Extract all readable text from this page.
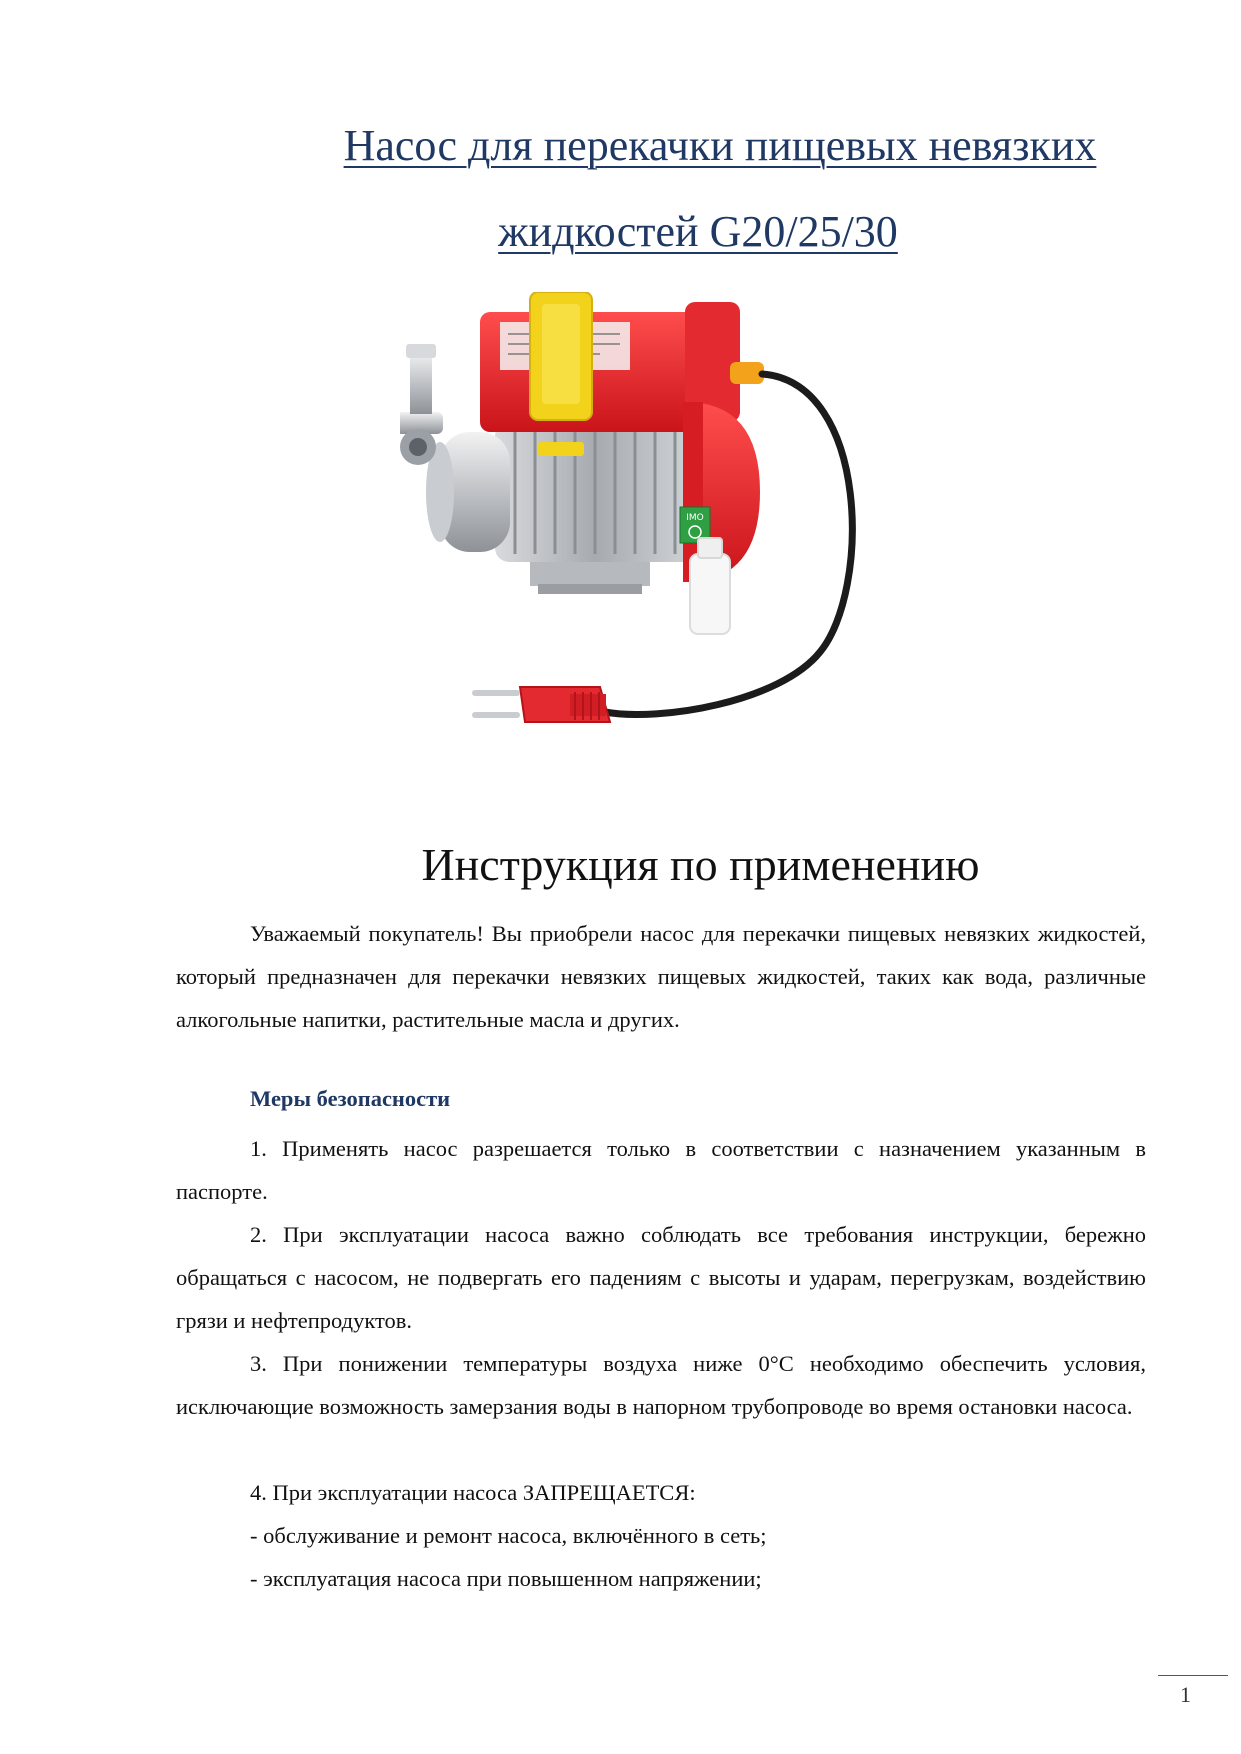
Насос для перекачки пищевых невязких
жидкостей G20/25/30
IMO
Инструкция по применению

Уважаемый покупатель! Вы приобрели насос для перекачки пищевых невязких жидкостей, который предназначен для перекачки невязких пищевых жидкостей, таких как вода, различные алкогольные напитки, растительные масла и других.

Меры безопасности

1. Применять насос разрешается только в соответствии с назначением указанным в паспорте.

2. При эксплуатации насоса важно соблюдать все требования инструкции, бережно обращаться с насосом, не подвергать его падениям с высоты и ударам, перегрузкам, воздействию грязи и нефтепродуктов.

3. При понижении температуры воздуха ниже 0°С необходимо обеспечить условия, исключающие возможность замерзания воды в напорном трубопроводе во время остановки насоса.

4. При эксплуатации насоса ЗАПРЕЩАЕТСЯ:

- обслуживание и ремонт насоса, включённого в сеть;

- эксплуатация насоса при повышенном напряжении;

1
